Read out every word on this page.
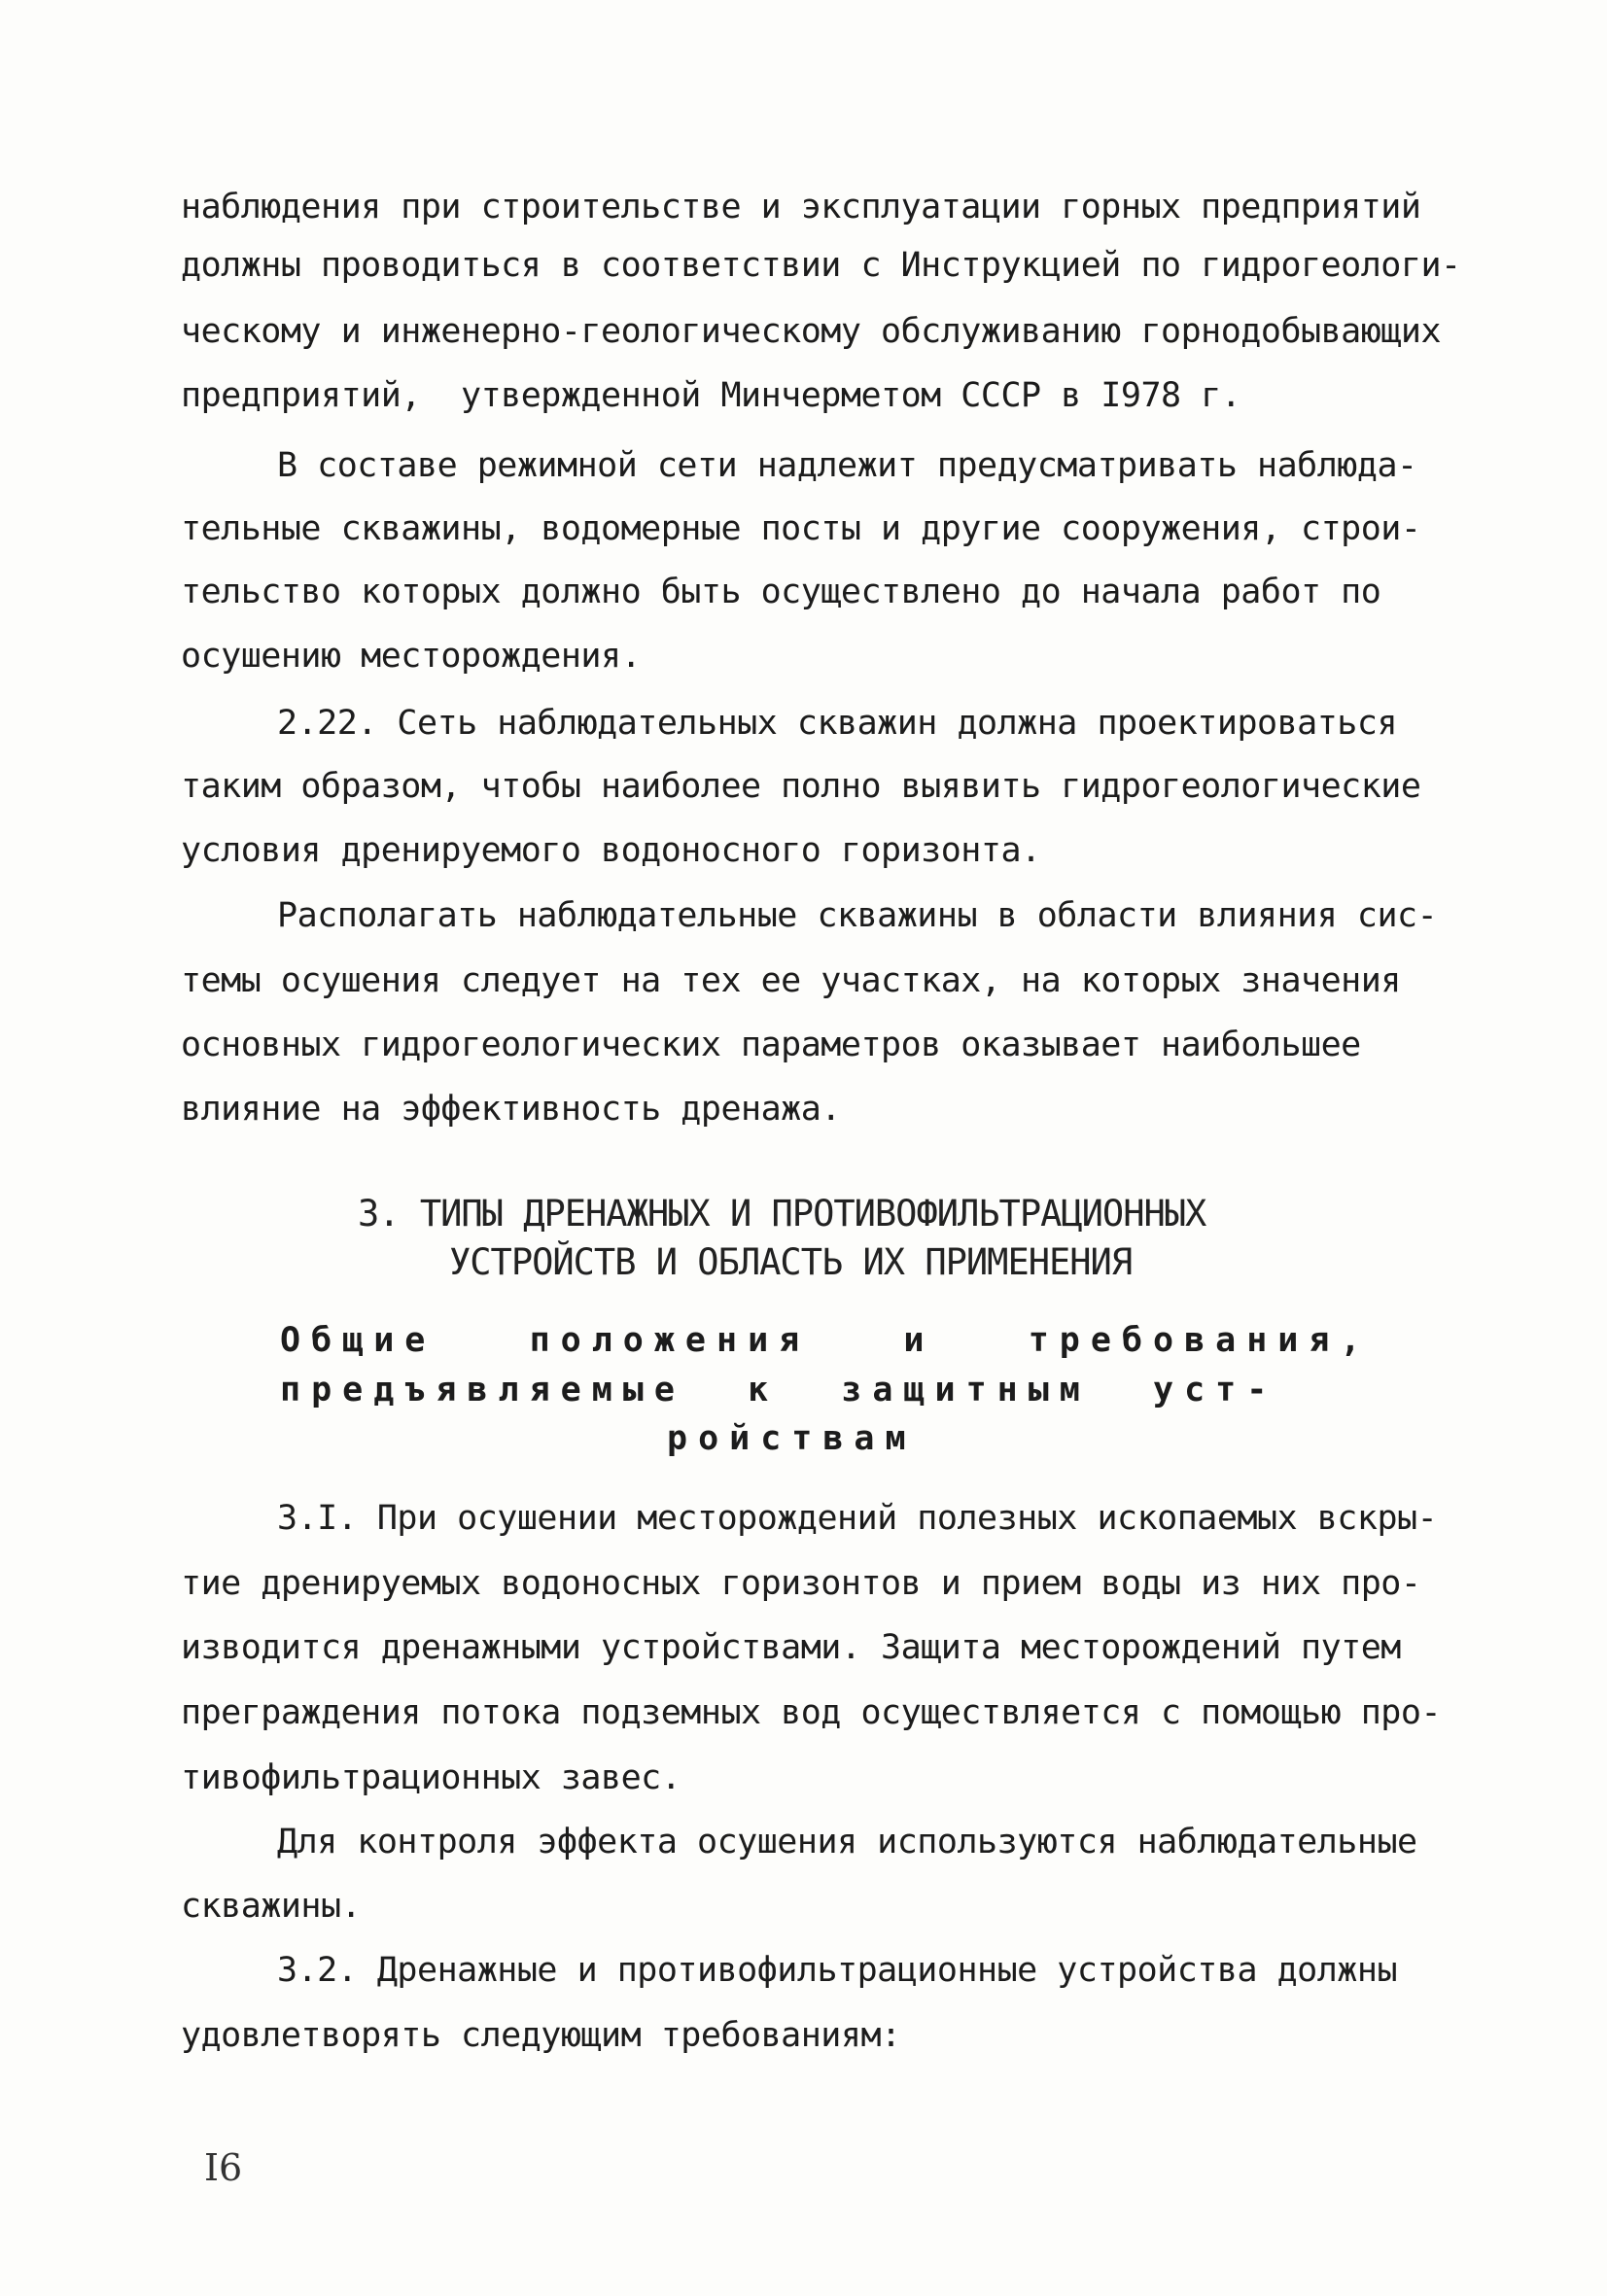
наблюдения при строительстве и эксплуатации горных предприятий
должны проводиться в соответствии с Инструкцией по гидрогеологи-
ческому и инженерно-геологическому обслуживанию горнодобывающих
предприятий,  утвержденной Минчерметом СССР в I978 г.
В составе режимной сети надлежит предусматривать наблюда-
тельные скважины, водомерные посты и другие сооружения, строи-
тельство которых должно быть осуществлено до начала работ по
осушению месторождения.
2.22. Сеть наблюдательных скважин должна проектироваться
таким образом, чтобы наиболее полно выявить гидрогеологические
условия дренируемого водоносного горизонта.
Располагать наблюдательные скважины в области влияния сис-
темы осушения следует на тех ее участках, на которых значения
основных гидрогеологических параметров оказывает наибольшее
влияние на эффективность дренажа.
3. ТИПЫ ДРЕНАЖНЫХ И ПРОТИВОФИЛЬТРАЦИОННЫХ
УСТРОЙСТВ И ОБЛАСТЬ ИХ ПРИМЕНЕНИЯ
Общие   положения   и   требования,
предъявляемые  к  защитным  уст-
ройствам
3.I. При осушении месторождений полезных ископаемых вскры-
тие дренируемых водоносных горизонтов и прием воды из них про-
изводится дренажными устройствами. Защита месторождений путем
преграждения потока подземных вод осуществляется с помощью про-
тивофильтрационных завес.
Для контроля эффекта осушения используются наблюдательные
скважины.
3.2. Дренажные и противофильтрационные устройства должны
удовлетворять следующим требованиям:
I6
